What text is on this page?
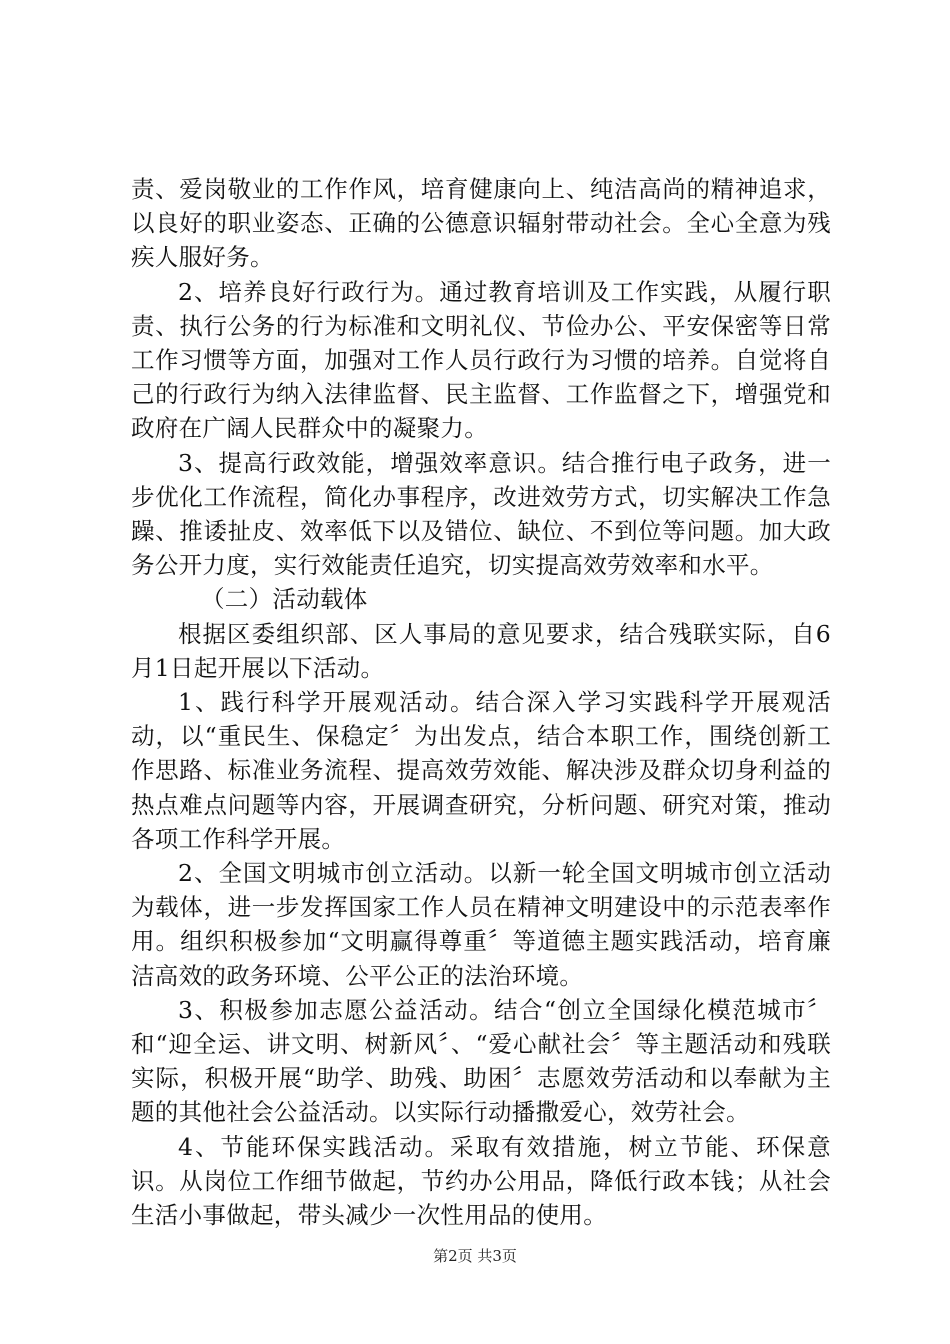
责、爱岗敬业的工作作风，培育健康向上、纯洁高尚的精神追求，以良好的职业姿态、正确的公德意识辐射带动社会。全心全意为残疾人服好务。

2、培养良好行政行为。通过教育培训及工作实践，从履行职责、执行公务的行为标准和文明礼仪、节俭办公、平安保密等日常工作习惯等方面，加强对工作人员行政行为习惯的培养。自觉将自己的行政行为纳入法律监督、民主监督、工作监督之下，增强党和政府在广阔人民群众中的凝聚力。

3、提高行政效能，增强效率意识。结合推行电子政务，进一步优化工作流程，简化办事程序，改进效劳方式，切实解决工作急躁、推诿扯皮、效率低下以及错位、缺位、不到位等问题。加大政务公开力度，实行效能责任追究，切实提高效劳效率和水平。

（二）活动载体

根据区委组织部、区人事局的意见要求，结合残联实际，自6月1日起开展以下活动。

1、践行科学开展观活动。结合深入学习实践科学开展观活动，以“重民生、保稳定〞为出发点，结合本职工作，围绕创新工作思路、标准业务流程、提高效劳效能、解决涉及群众切身利益的热点难点问题等内容，开展调查研究，分析问题、研究对策，推动各项工作科学开展。

2、全国文明城市创立活动。以新一轮全国文明城市创立活动为载体，进一步发挥国家工作人员在精神文明建设中的示范表率作用。组织积极参加“文明赢得尊重〞等道德主题实践活动，培育廉洁高效的政务环境、公平公正的法治环境。

3、积极参加志愿公益活动。结合“创立全国绿化模范城市〞和“迎全运、讲文明、树新风〞、“爱心献社会〞等主题活动和残联实际，积极开展“助学、助残、助困〞志愿效劳活动和以奉献为主题的其他社会公益活动。以实际行动播撒爱心，效劳社会。

4、节能环保实践活动。采取有效措施，树立节能、环保意识。从岗位工作细节做起，节约办公用品，降低行政本钱；从社会生活小事做起，带头减少一次性用品的使用。

第2页 共3页
